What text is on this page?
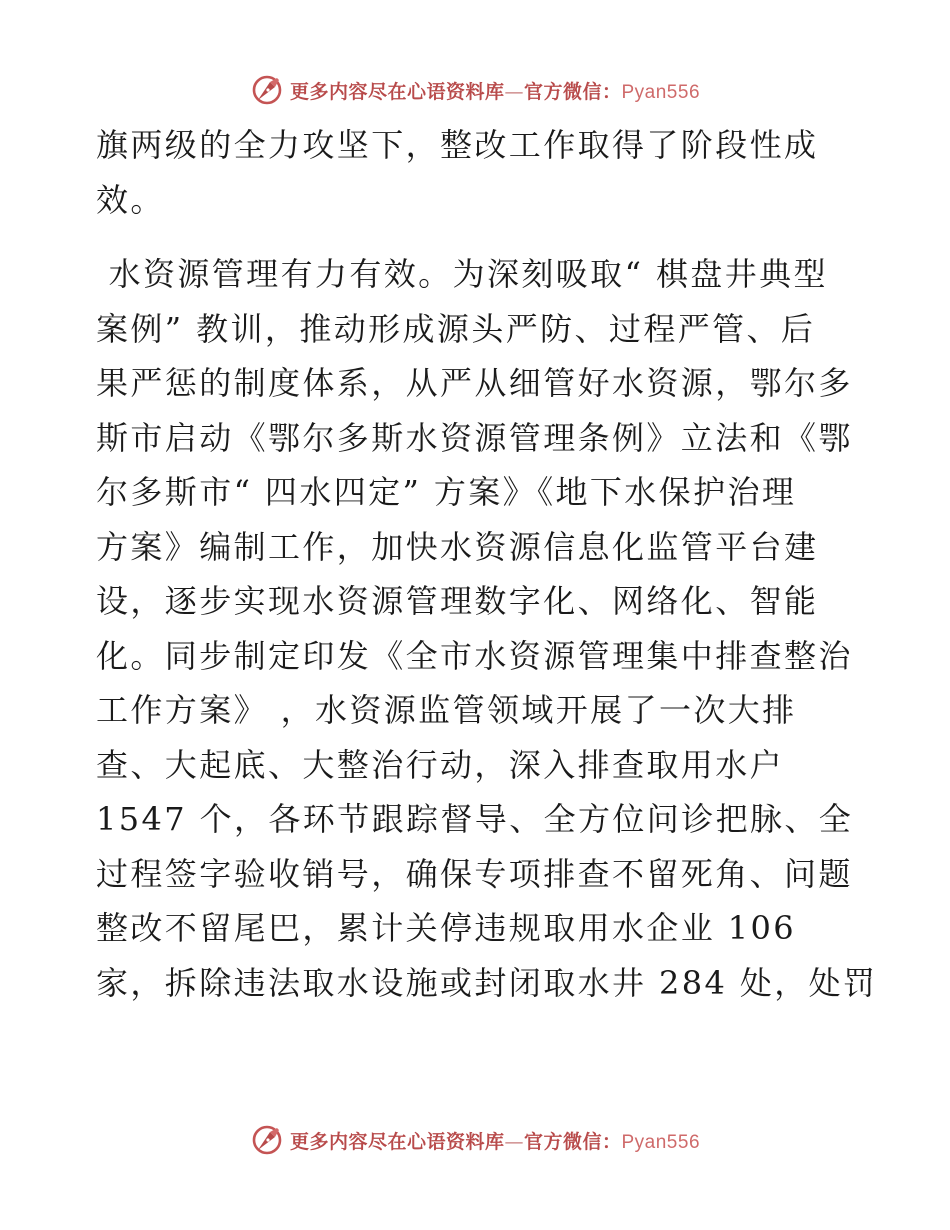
更多内容尽在心语资料库—官方微信：Pyan556

旗两级的全力攻坚下，整改工作取得了阶段性成
效。

水资源管理有力有效。为深刻吸取“ 棋盘井典型
案例” 教训，推动形成源头严防、过程严管、后
果严惩的制度体系，从严从细管好水资源，鄂尔多
斯市启动《鄂尔多斯水资源管理条例》立法和《鄂
尔多斯市“ 四水四定” 方案》《地下水保护治理
方案》编制工作，加快水资源信息化监管平台建
设，逐步实现水资源管理数字化、网络化、智能
化。同步制定印发《全市水资源管理集中排查整治
工作方案》 ，水资源监管领域开展了一次大排
查、大起底、大整治行动，深入排查取用水户
1547 个，各环节跟踪督导、全方位问诊把脉、全
过程签字验收销号，确保专项排查不留死角、问题
整改不留尾巴，累计关停违规取用水企业 106
家，拆除违法取水设施或封闭取水井 284 处，处罚

更多内容尽在心语资料库—官方微信：Pyan556
